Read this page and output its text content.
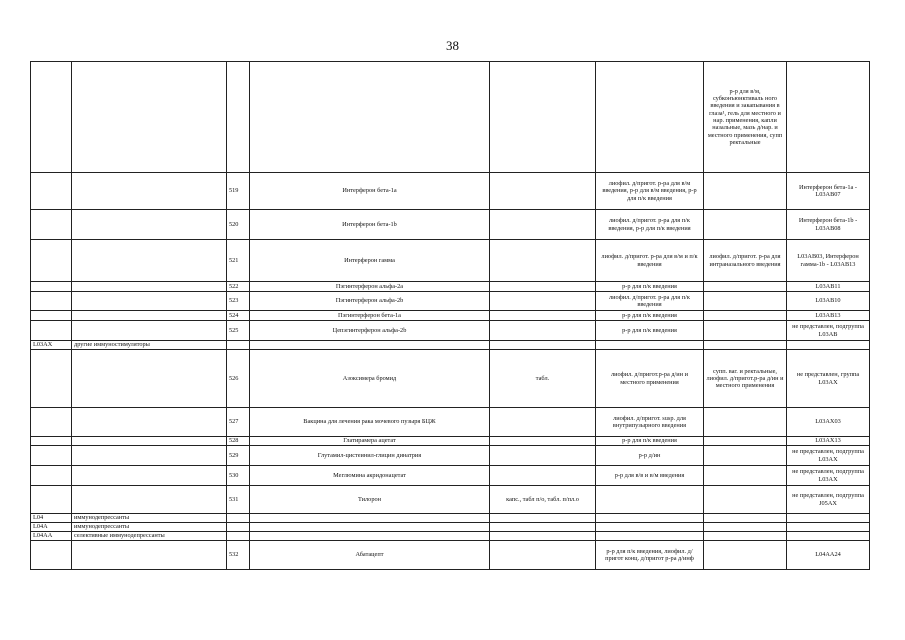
38
						р-р для в/м, субконъюнктиваль ного введения и закапывания в глаза¹, гель для местного и нар. применения, капли назальные, мазь д/нар. и местного применения, супп ректальные	
		519	Интерферон бета-1а		лиофил. д/пригот. р-ра для в/м введения, р-р для в/м введения, р-р для п/к введения		Интерферон бета-1а - L03AB07
		520	Интерферон бета-1b		лиофил. д/пригот. р-ра для п/к введения, р-р для п/к введения		Интерферон бета-1b - L03AB08
		521	Интерферон гамма		лиофил. д/пригот. р-ра для в/м и п/к введения	лиофил. д/пригот. р-ра для интраназального введения	L03AB03, Интерферон гамма-1b - L03AB13
		522	Пэгинтерферон альфа-2а		р-р для п/к введения		L03AB11
		523	Пэгинтерферон альфа-2b		лиофил. д/пригот. р-ра для п/к введения		L03AB10
		524	Пэгинтерферон бета-1а		р-р для п/к введения		L03AB13
		525	Цепэгинтерферон альфа-2b		р-р для п/к введения		не представлен, подгруппа L03AB
L03AX	другие иммуностимуляторы						
		526	Азоксимера бромид	табл.	лиофил. д/пригот.р-ра д/ин и местного применения	супп. ваг. и ректальные, лиофил. д/пригот.р-ра д/ин и местного применения	не представлен, группа L03AX
		527	Вакцина для лечения рака мочевого пузыря БЦЖ		лиофил. д/пригот. susp. для внутрипузырного введения		L03AX03
		528	Глатирамера ацетат		р-р для п/к введения		L03AX13
		529	Глутамил-цистеинил-глицин динатрия		р-р д/ин		не представлен, подгруппа L03AX
		530	Меглюмина акридонацетат		р-р для в/в и в/м введения		не представлен, подгруппа L03AX
		531	Тилорон	капс., табл п/о, табл. п/пл.о			не представлен, подгруппа J05AX
L04	иммунодепрессанты						
L04A	иммунодепрессанты						
L04AA	селективные иммунодепрессанты						
		532	Абатацепт		р-р для п/к введения, лиофил. д/пригот конц. д/пригот р-ра д/инф		L04AA24
